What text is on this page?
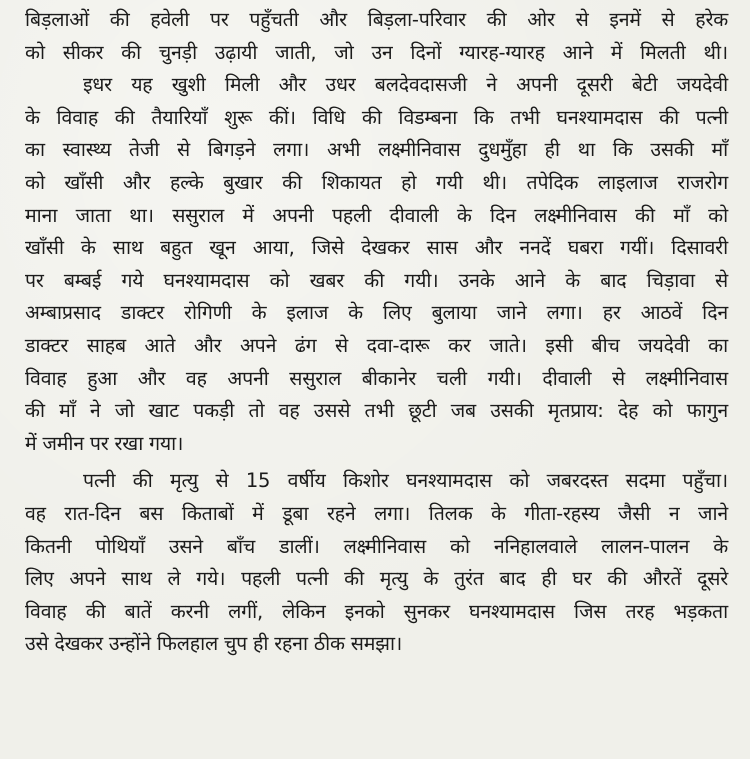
बिड़लाओं की हवेली पर पहुँचती और बिड़ला-परिवार की ओर से इनमें से हरेक
को सीकर की चुनड़ी उढ़ायी जाती, जो उन दिनों ग्यारह-ग्यारह आने में मिलती थी।
इधर यह खुशी मिली और उधर बलदेवदासजी ने अपनी दूसरी बेटी जयदेवी
के विवाह की तैयारियाँ शुरू कीं। विधि की विडम्बना कि तभी घनश्यामदास की पत्नी
का स्वास्थ्य तेजी से बिगड़ने लगा। अभी लक्ष्मीनिवास दुधमुँहा ही था कि उसकी माँ
को खाँसी और हल्के बुखार की शिकायत हो गयी थी। तपेदिक लाइलाज राजरोग
माना जाता था। ससुराल में अपनी पहली दीवाली के दिन लक्ष्मीनिवास की माँ को
खाँसी के साथ बहुत खून आया, जिसे देखकर सास और ननदें घबरा गयीं। दिसावरी
पर बम्बई गये घनश्यामदास को खबर की गयी। उनके आने के बाद चिड़ावा से
अम्बाप्रसाद डाक्टर रोगिणी के इलाज के लिए बुलाया जाने लगा। हर आठवें दिन
डाक्टर साहब आते और अपने ढंग से दवा-दारू कर जाते। इसी बीच जयदेवी का
विवाह हुआ और वह अपनी ससुराल बीकानेर चली गयी। दीवाली से लक्ष्मीनिवास
की माँ ने जो खाट पकड़ी तो वह उससे तभी छूटी जब उसकी मृतप्राय: देह को फागुन
में जमीन पर रखा गया।
पत्नी की मृत्यु से 15 वर्षीय किशोर घनश्यामदास को जबरदस्त सदमा पहुँचा।
वह रात-दिन बस किताबों में डूबा रहने लगा। तिलक के गीता-रहस्य जैसी न जाने
कितनी पोथियाँ उसने बाँच डालीं। लक्ष्मीनिवास को ननिहालवाले लालन-पालन के
लिए अपने साथ ले गये। पहली पत्नी की मृत्यु के तुरंत बाद ही घर की औरतें दूसरे
विवाह की बातें करनी लगीं, लेकिन इनको सुनकर घनश्यामदास जिस तरह भड़कता
उसे देखकर उन्होंने फिलहाल चुप ही रहना ठीक समझा।
